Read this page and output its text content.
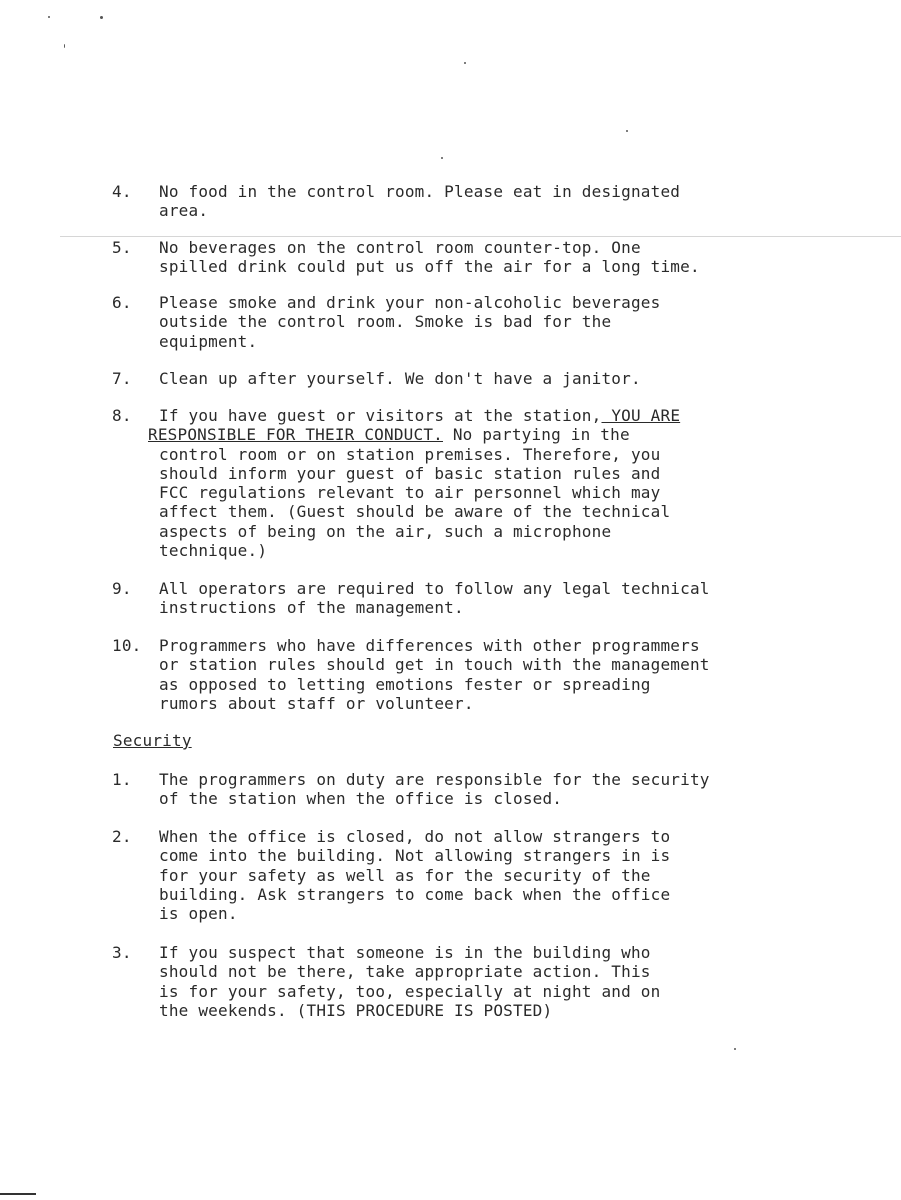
4. No food in the control room. Please eat in designated
area.
5. No beverages on the control room counter-top. One
spilled drink could put us off the air for a long time.
6. Please smoke and drink your non-alcoholic beverages
outside the control room. Smoke is bad for the
equipment.
7. Clean up after yourself. We don't have a janitor.
8. If you have guest or visitors at the station, YOU ARE
RESPONSIBLE FOR THEIR CONDUCT. No partying in the
control room or on station premises. Therefore, you
should inform your guest of basic station rules and
FCC regulations relevant to air personnel which may
affect them. (Guest should be aware of the technical
aspects of being on the air, such a microphone
technique.)
9. All operators are required to follow any legal technical
instructions of the management.
10. Programmers who have differences with other programmers
or station rules should get in touch with the management
as opposed to letting emotions fester or spreading
rumors about staff or volunteer.
Security
1. The programmers on duty are responsible for the security
of the station when the office is closed.
2. When the office is closed, do not allow strangers to
come into the building. Not allowing strangers in is
for your safety as well as for the security of the
building. Ask strangers to come back when the office
is open.
3. If you suspect that someone is in the building who
should not be there, take appropriate action. This
is for your safety, too, especially at night and on
the weekends. (THIS PROCEDURE IS POSTED)
